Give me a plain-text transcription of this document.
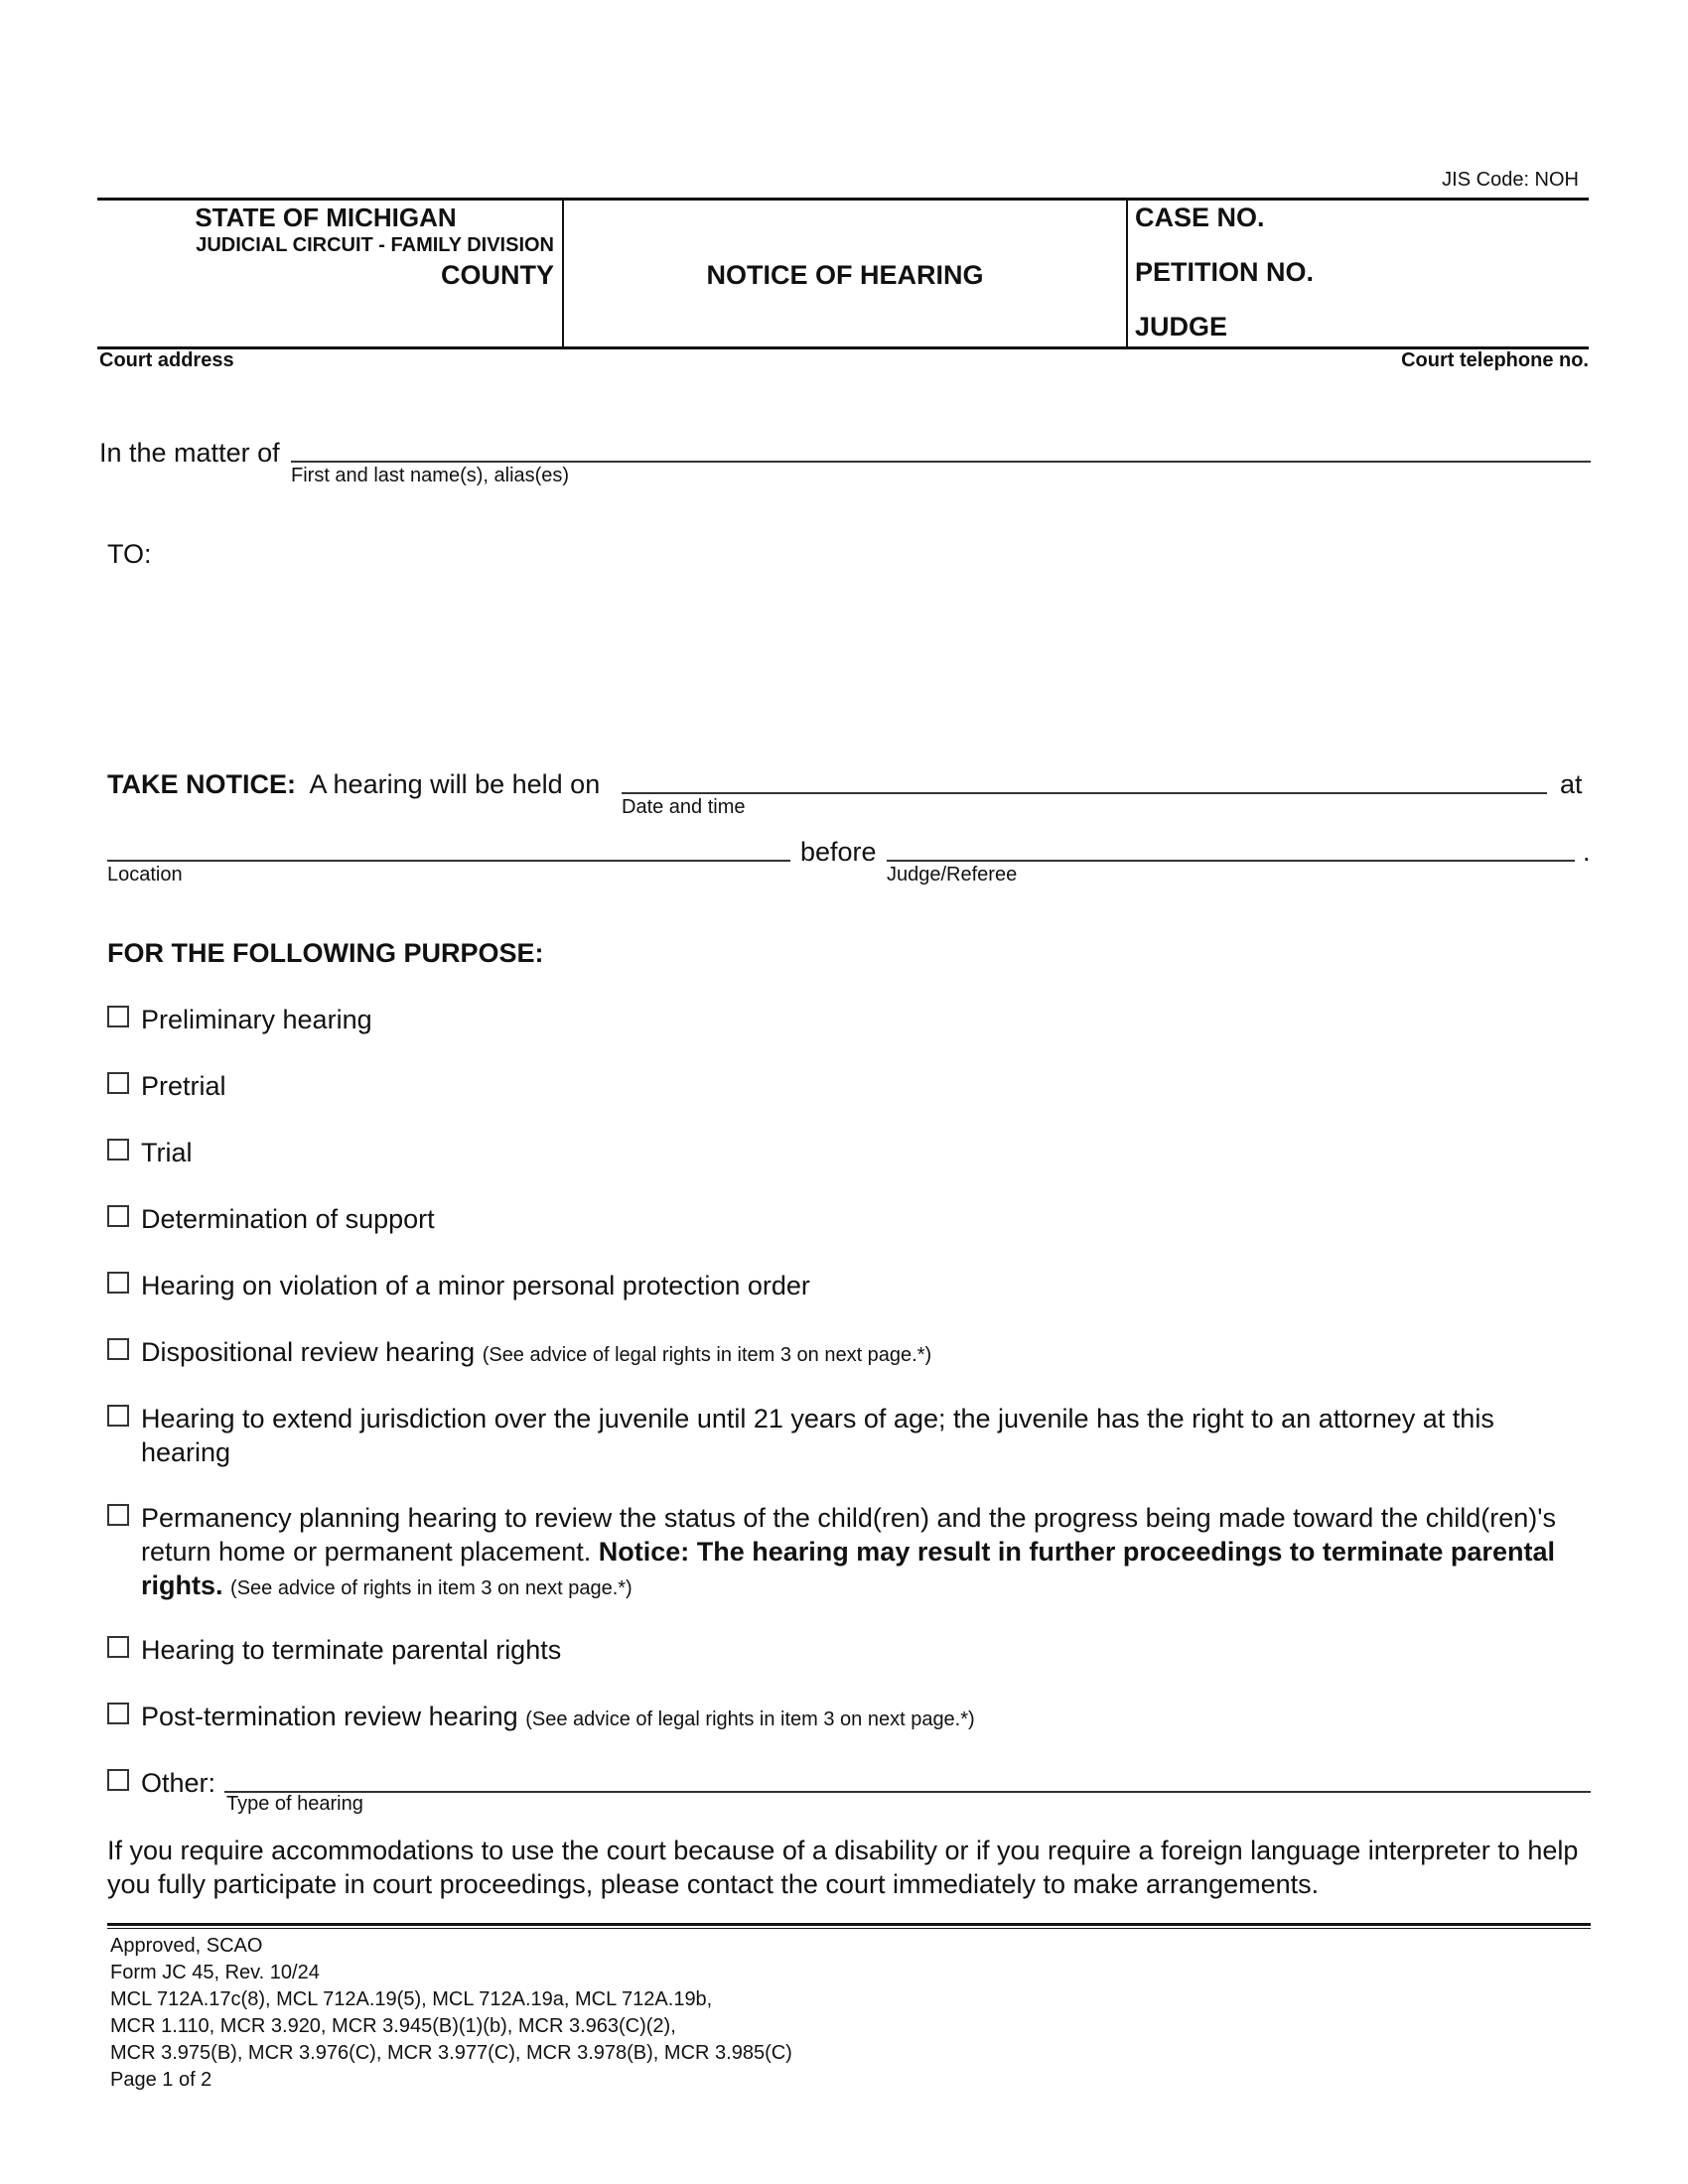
JIS Code: NOH
STATE OF MICHIGAN
JUDICIAL CIRCUIT - FAMILY DIVISION
COUNTY	NOTICE OF HEARING
CASE NO.
PETITION NO.
JUDGE
Court address	Court telephone no.
In the matter of
First and last name(s), alias(es)
TO:
TAKE NOTICE: A hearing will be held on	at
Date and time
before	.
Location	Judge/Referee
FOR THE FOLLOWING PURPOSE:
Preliminary hearing
Pretrial
Trial
Determination of support
Hearing on violation of a minor personal protection order
Dispositional review hearing (See advice of legal rights in item 3 on next page.*)
Hearing to extend jurisdiction over the juvenile until 21 years of age; the juvenile has the right to an attorney at this hearing
Permanency planning hearing to review the status of the child(ren) and the progress being made toward the child(ren)'s return home or permanent placement. Notice: The hearing may result in further proceedings to terminate parental rights. (See advice of rights in item 3 on next page.*)
Hearing to terminate parental rights
Post-termination review hearing (See advice of legal rights in item 3 on next page.*)
Other:
Type of hearing
If you require accommodations to use the court because of a disability or if you require a foreign language interpreter to help you fully participate in court proceedings, please contact the court immediately to make arrangements.
Approved, SCAO
Form JC 45, Rev. 10/24
MCL 712A.17c(8), MCL 712A.19(5), MCL 712A.19a, MCL 712A.19b,
MCR 1.110, MCR 3.920, MCR 3.945(B)(1)(b), MCR 3.963(C)(2),
MCR 3.975(B), MCR 3.976(C), MCR 3.977(C), MCR 3.978(B), MCR 3.985(C)
Page 1 of 2
